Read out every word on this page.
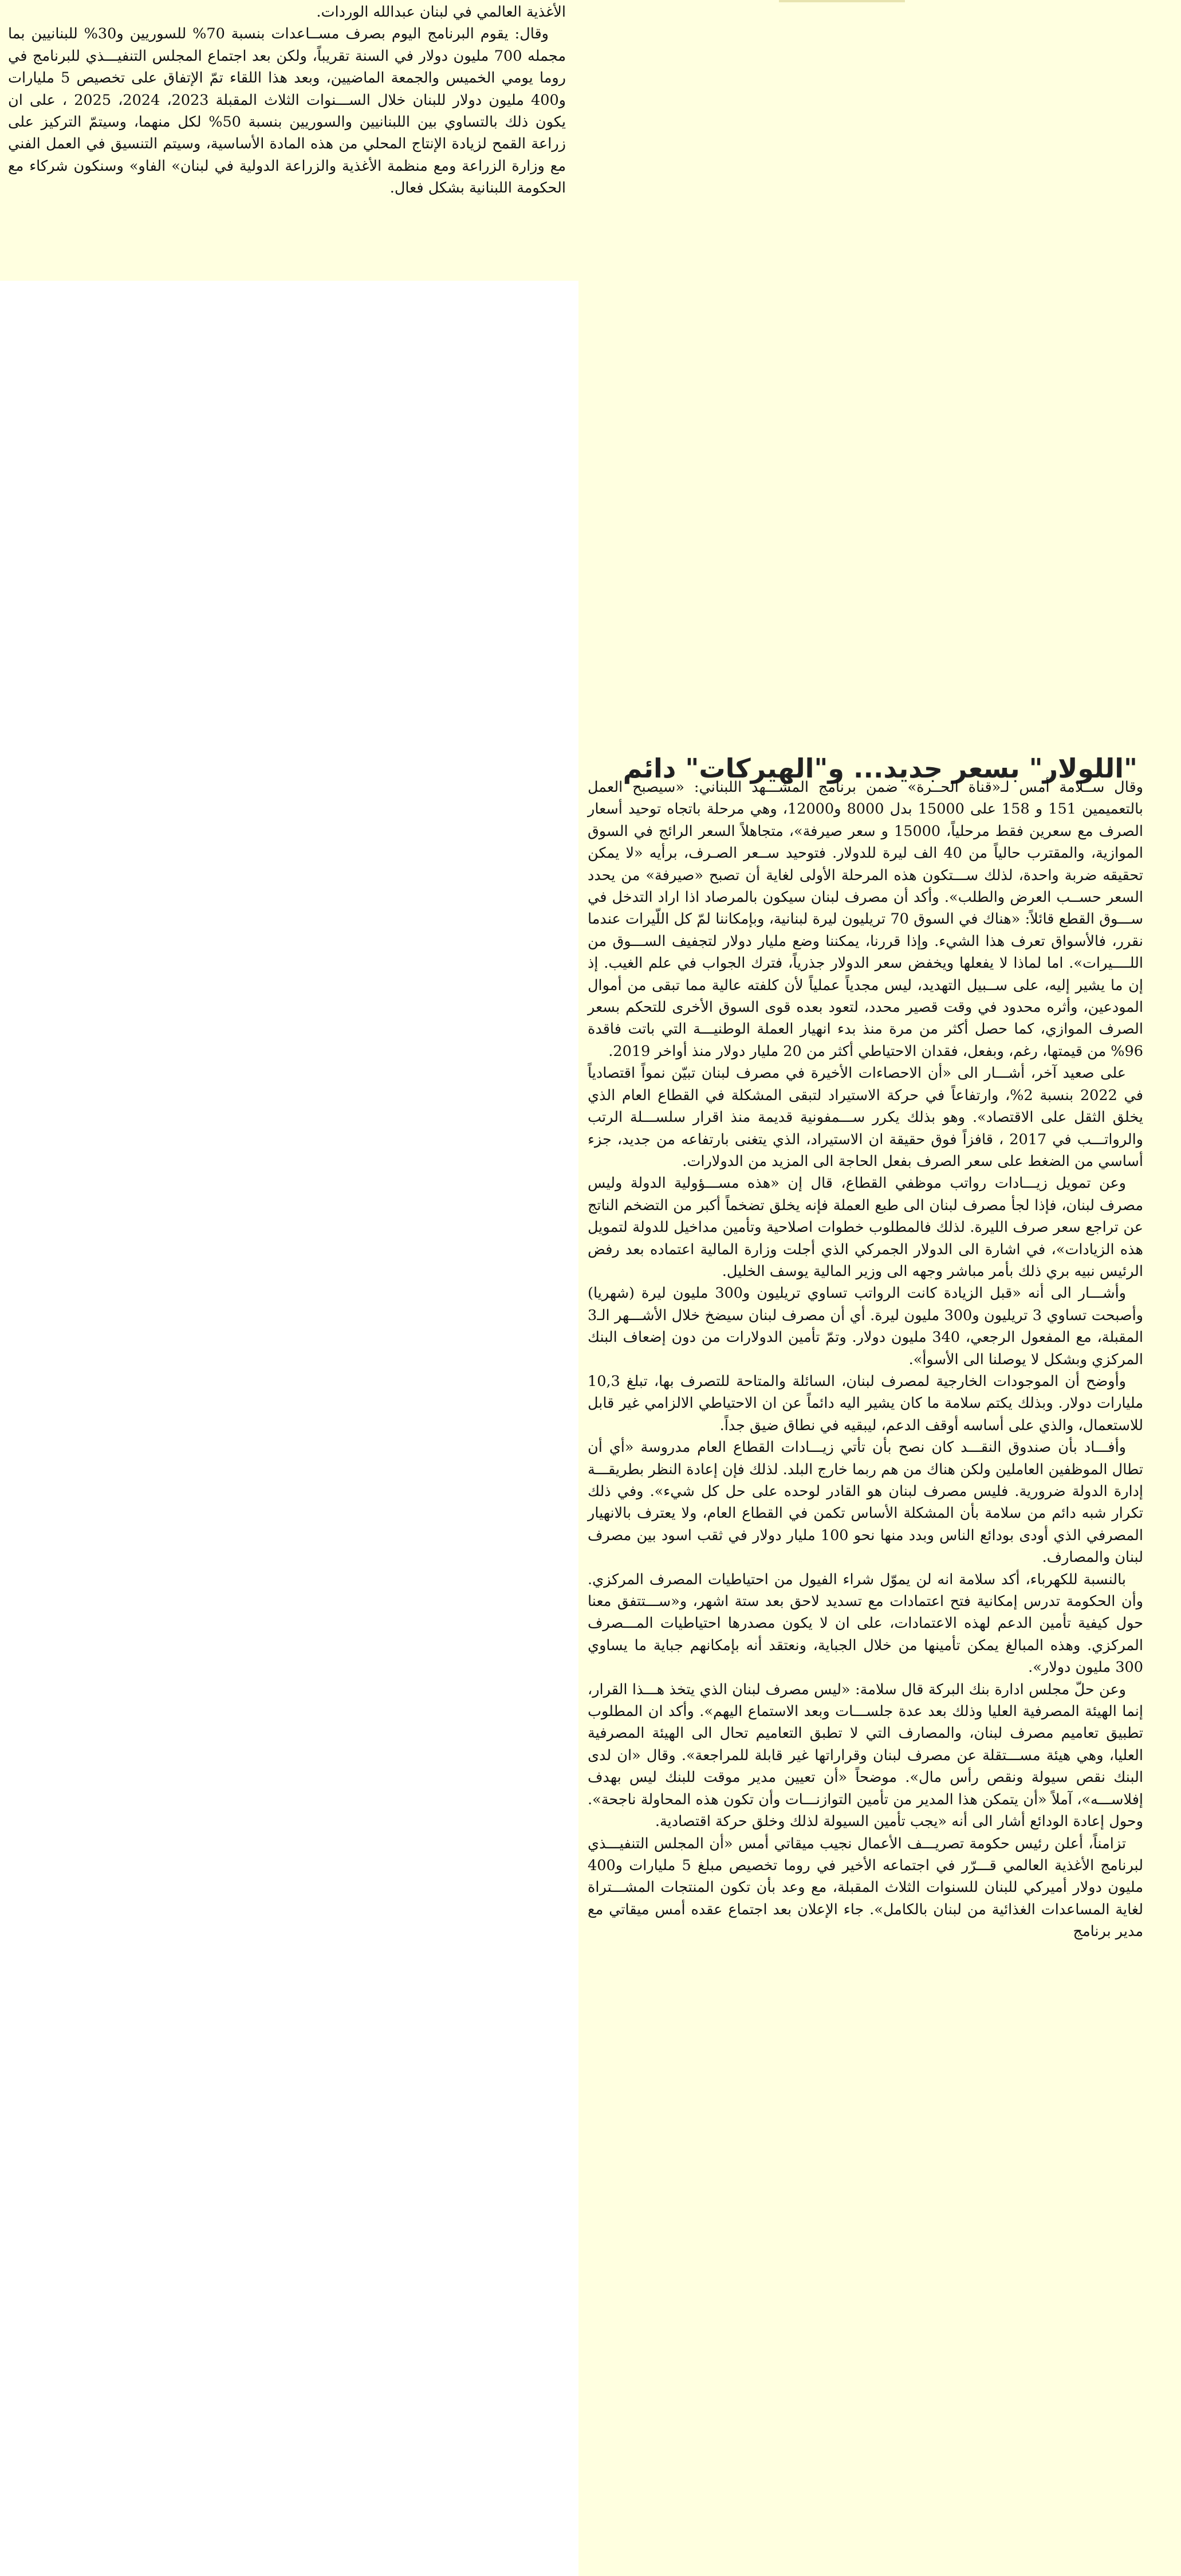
الأغذية العالمي في لبنان عبدالله الوردات.

وقال: يقوم البرنامج اليوم بصرف مســاعدات بنسبة 70% للسوريين و30% للبنانيين بما مجمله 700 مليون دولار في السنة تقريباً، ولكن بعد اجتماع المجلس التنفيـــذي للبرنامج في روما يومي الخميس والجمعة الماضيين، وبعد هذا اللقاء تمّ الإتفاق على تخصيص 5 مليارات و400 مليون دولار للبنان خلال الســـنوات الثلاث المقبلة 2023، 2024، 2025 ، على ان يكون ذلك بالتساوي بين اللبنانيين والسوريين بنسبة 50% لكل منهما، وسيتمّ التركيز على زراعة القمح لزيادة الإنتاج المحلي من هذه المادة الأساسية، وسيتم التنسيق في العمل الفني مع وزارة الزراعة ومع منظمة الأغذية والزراعة الدولية في لبنان» الفاو» وسنكون شركاء مع الحكومة اللبنانية بشكل فعال.

"اللولار" بسعر جديد... و"الهيركات" دائم

وقال ســلامة أمس لـ«قناة الحــرة» ضمن برنامج المشـــهد اللبناني: «سيصبح العمل بالتعميمين 151 و 158 على 15000 بدل 8000 و12000، وهي مرحلة باتجاه توحيد أسعار الصرف مع سعرين فقط مرحلياً، 15000 و سعر صيرفة»، متجاهلاً السعر الرائج في السوق الموازية، والمقترب حالياً من 40 الف ليرة للدولار. فتوحيد ســعر الصـرف، برأيه «لا يمكن تحقيقه ضربة واحدة، لذلك ســـتكون هذه المرحلة الأولى لغاية أن تصبح «صيرفة» من يحدد السعر حســب العرض والطلب». وأكد أن مصرف لبنان سيكون بالمرصاد اذا اراد التدخل في ســـوق القطع قائلاً: «هناك في السوق 70 تريليون ليرة لبنانية، وبإمكاننا لمّ كل اللّيرات عندما نقرر، فالأسواق تعرف هذا الشيء. وإذا قررنا، يمكننا وضع مليار دولار لتجفيف الســـوق من اللــــيرات». اما لماذا لا يفعلها ويخفض سعر الدولار جذرياً، فترك الجواب في علم الغيب. إذ إن ما يشير إليه، على ســبيل التهديد، ليس مجدياً عملياً لأن كلفته عالية مما تبقى من أموال المودعين، وأثره محدود في وقت قصير محدد، لتعود بعده قوى السوق الأخرى للتحكم بسعر الصرف الموازي، كما حصل أكثر من مرة منذ بدء انهيار العملة الوطنيـــة التي باتت فاقدة 96% من قيمتها، رغم، وبفعل، فقدان الاحتياطي أكثر من 20 مليار دولار منذ أواخر 2019.

على صعيد آخر، أشـــار الى «أن الاحصاءات الأخيرة في مصرف لبنان تبيّن نمواً اقتصادياً في 2022 بنسبة 2%، وارتفاعاً في حركة الاستيراد لتبقى المشكلة في القطاع العام الذي يخلق الثقل على الاقتصاد». وهو بذلك يكرر ســـمفونية قديمة منذ اقرار سلســـلة الرتب والرواتـــب في 2017 ، قافزاً فوق حقيقة ان الاستيراد، الذي يتغنى بارتفاعه من جديد، جزء أساسي من الضغط على سعر الصرف بفعل الحاجة الى المزيد من الدولارات.

وعن تمويل زيـــادات رواتب موظفي القطاع، قال إن «هذه مســـؤولية الدولة وليس مصرف لبنان، فإذا لجأ مصرف لبنان الى طبع العملة فإنه يخلق تضخماً أكبر من التضخم الناتج عن تراجع سعر صرف الليرة. لذلك فالمطلوب خطوات اصلاحية وتأمين مداخيل للدولة لتمويل هذه الزيادات»، في اشارة الى الدولار الجمركي الذي أجلت وزارة المالية اعتماده بعد رفض الرئيس نبيه بري ذلك بأمر مباشر وجهه الى وزير المالية يوسف الخليل.

وأشـــار الى أنه «قبل الزيادة كانت الرواتب تساوي تريليون و300 مليون ليرة (شهريا) وأصبحت تساوي 3 تريليون و300 مليون ليرة. أي أن مصرف لبنان سيضخ خلال الأشـــهر الـ3 المقبلة، مع المفعول الرجعي، 340 مليون دولار. وتمّ تأمين الدولارات من دون إضعاف البنك المركزي وبشكل لا يوصلنا الى الأسوأ».

وأوضح أن الموجودات الخارجية لمصرف لبنان، السائلة والمتاحة للتصرف بها، تبلغ 10,3 مليارات دولار. وبذلك يكتم سلامة ما كان يشير اليه دائماً عن ان الاحتياطي الالزامي غير قابل للاستعمال، والذي على أساسه أوقف الدعم، ليبقيه في نطاق ضيق جداً.

وأفـــاد بأن صندوق النقـــد كان نصح بأن تأتي زيـــادات القطاع العام مدروسة «أي أن تطال الموظفين العاملين ولكن هناك من هم ربما خارج البلد. لذلك فإن إعادة النظر بطريقـــة إدارة الدولة ضرورية. فليس مصرف لبنان هو القادر لوحده على حل كل شيء». وفي ذلك تكرار شبه دائم من سلامة بأن المشكلة الأساس تكمن في القطاع العام، ولا يعترف بالانهيار المصرفي الذي أودى بودائع الناس وبدد منها نحو 100 مليار دولار في ثقب اسود بين مصرف لبنان والمصارف.

بالنسبة للكهرباء، أكد سلامة انه لن يموّل شراء الفيول من احتياطيات المصرف المركزي. وأن الحكومة تدرس إمكانية فتح اعتمادات مع تسديد لاحق بعد ستة اشهر، و«ســـتتفق معنا حول كيفية تأمين الدعم لهذه الاعتمادات، على ان لا يكون مصدرها احتياطيات المـــصرف المركزي. وهذه المبالغ يمكن تأمينها من خلال الجباية، ونعتقد أنه بإمكانهم جباية ما يساوي 300 مليون دولار».

وعن حلّ مجلس ادارة بنك البركة قال سلامة: «ليس مصرف لبنان الذي يتخذ هـــذا القرار، إنما الهيئة المصرفية العليا وذلك بعد عدة جلســـات وبعد الاستماع اليهم». وأكد ان المطلوب تطبيق تعاميم مصرف لبنان، والمصارف التي لا تطبق التعاميم تحال الى الهيئة المصرفية العليا، وهي هيئة مســـتقلة عن مصرف لبنان وقراراتها غير قابلة للمراجعة». وقال «ان لدى البنك نقص سيولة ونقص رأس مال». موضحاً «أن تعيين مدير موقت للبنك ليس بهدف إفلاســـه»، آملاً «أن يتمكن هذا المدير من تأمين التوازنـــات وأن تكون هذه المحاولة ناجحة». وحول إعادة الودائع أشار الى أنه «يجب تأمين السيولة لذلك وخلق حركة اقتصادية.

تزامناً، أعلن رئيس حكومة تصريـــف الأعمال نجيب ميقاتي أمس «أن المجلس التنفيـــذي لبرنامج الأغذية العالمي قـــرّر في اجتماعه الأخير في روما تخصيص مبلغ 5 مليارات و400 مليون دولار أميركي للبنان للسنوات الثلاث المقبلة، مع وعد بأن تكون المنتجات المشـــتراة لغاية المساعدات الغذائية من لبنان بالكامل». جاء الإعلان بعد اجتماع عقده أمس ميقاتي مع مدير برنامج
